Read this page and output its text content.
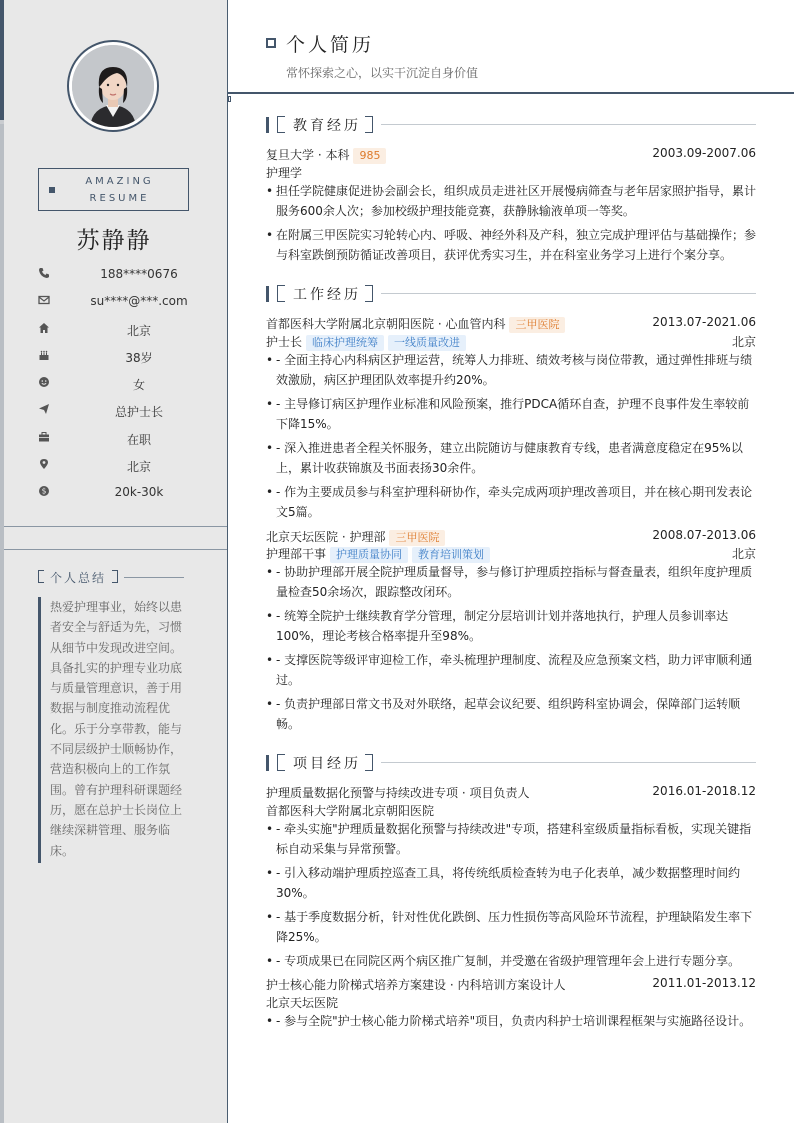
AMAZING
RESUME
苏静静
188****0676
su****@***.com
北京
38岁
女
总护士长
在职
北京
$	20k-30k
个人总结
热爱护理事业，始终以患者安全与舒适为先，习惯从细节中发现改进空间。具备扎实的护理专业功底与质量管理意识，善于用数据与制度推动流程优化。乐于分享带教，能与不同层级护士顺畅协作，营造积极向上的工作氛围。曾有护理科研课题经历，愿在总护士长岗位上继续深耕管理、服务临床。
个人简历
常怀探索之心，以实干沉淀自身价值
教育经历
复旦大学 · 本科 985	2003.09-2007.06
护理学
• 担任学院健康促进协会副会长，组织成员走进社区开展慢病筛查与老年居家照护指导，累计服务600余人次；参加校级护理技能竞赛，获静脉输液单项一等奖。
• 在附属三甲医院实习轮转心内、呼吸、神经外科及产科，独立完成护理评估与基础操作；参与科室跌倒预防循证改善项目，获评优秀实习生，并在科室业务学习上进行个案分享。
工作经历
首都医科大学附属北京朝阳医院 · 心血管内科 三甲医院	2013.07-2021.06
护士长 临床护理统筹 一线质量改进	北京
• - 全面主持心内科病区护理运营，统筹人力排班、绩效考核与岗位带教，通过弹性排班与绩效激励，病区护理团队效率提升约20%。
• - 主导修订病区护理作业标准和风险预案，推行PDCA循环自查，护理不良事件发生率较前下降15%。
• - 深入推进患者全程关怀服务，建立出院随访与健康教育专线，患者满意度稳定在95%以上，累计收获锦旗及书面表扬30余件。
• - 作为主要成员参与科室护理科研协作，牵头完成两项护理改善项目，并在核心期刊发表论文5篇。
北京天坛医院 · 护理部 三甲医院	2008.07-2013.06
护理部干事 护理质量协同 教育培训策划	北京
• - 协助护理部开展全院护理质量督导，参与修订护理质控指标与督查量表，组织年度护理质量检查50余场次，跟踪整改闭环。
• - 统筹全院护士继续教育学分管理，制定分层培训计划并落地执行，护理人员参训率达100%，理论考核合格率提升至98%。
• - 支撑医院等级评审迎检工作，牵头梳理护理制度、流程及应急预案文档，助力评审顺利通过。
• - 负责护理部日常文书及对外联络，起草会议纪要、组织跨科室协调会，保障部门运转顺畅。
项目经历
护理质量数据化预警与持续改进专项 · 项目负责人	2016.01-2018.12
首都医科大学附属北京朝阳医院
• - 牵头实施"护理质量数据化预警与持续改进"专项，搭建科室级质量指标看板，实现关键指标自动采集与异常预警。
• - 引入移动端护理质控巡查工具，将传统纸质检查转为电子化表单，减少数据整理时间约30%。
• - 基于季度数据分析，针对性优化跌倒、压力性损伤等高风险环节流程，护理缺陷发生率下降25%。
• - 专项成果已在同院区两个病区推广复制，并受邀在省级护理管理年会上进行专题分享。
护士核心能力阶梯式培养方案建设 · 内科培训方案设计人	2011.01-2013.12
北京天坛医院
• - 参与全院"护士核心能力阶梯式培养"项目，负责内科护士培训课程框架与实施路径设计。
